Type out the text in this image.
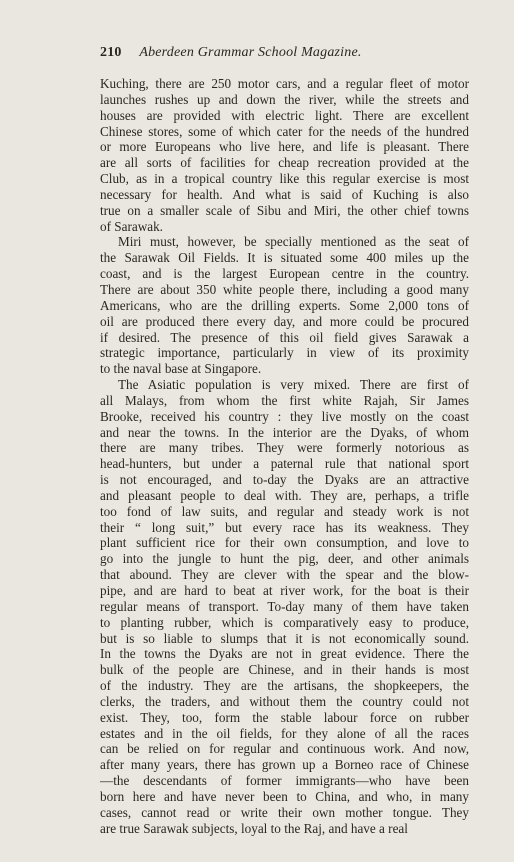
210 Aberdeen Grammar School Magazine.
Kuching, there are 250 motor cars, and a regular fleet of motor
launches rushes up and down the river, while the streets and
houses are provided with electric light. There are excellent
Chinese stores, some of which cater for the needs of the hundred
or more Europeans who live here, and life is pleasant. There
are all sorts of facilities for cheap recreation provided at the
Club, as in a tropical country like this regular exercise is most
necessary for health. And what is said of Kuching is also
true on a smaller scale of Sibu and Miri, the other chief towns
of Sarawak.
Miri must, however, be specially mentioned as the seat of
the Sarawak Oil Fields. It is situated some 400 miles up the
coast, and is the largest European centre in the country.
There are about 350 white people there, including a good many
Americans, who are the drilling experts. Some 2,000 tons of
oil are produced there every day, and more could be procured
if desired. The presence of this oil field gives Sarawak a
strategic importance, particularly in view of its proximity
to the naval base at Singapore.
The Asiatic population is very mixed. There are first of
all Malays, from whom the first white Rajah, Sir James
Brooke, received his country : they live mostly on the coast
and near the towns. In the interior are the Dyaks, of whom
there are many tribes. They were formerly notorious as
head-hunters, but under a paternal rule that national sport
is not encouraged, and to-day the Dyaks are an attractive
and pleasant people to deal with. They are, perhaps, a trifle
too fond of law suits, and regular and steady work is not
their “ long suit,” but every race has its weakness. They
plant sufficient rice for their own consumption, and love to
go into the jungle to hunt the pig, deer, and other animals
that abound. They are clever with the spear and the blow-
pipe, and are hard to beat at river work, for the boat is their
regular means of transport. To-day many of them have taken
to planting rubber, which is comparatively easy to produce,
but is so liable to slumps that it is not economically sound.
In the towns the Dyaks are not in great evidence. There the
bulk of the people are Chinese, and in their hands is most
of the industry. They are the artisans, the shopkeepers, the
clerks, the traders, and without them the country could not
exist. They, too, form the stable labour force on rubber
estates and in the oil fields, for they alone of all the races
can be relied on for regular and continuous work. And now,
after many years, there has grown up a Borneo race of Chinese
—the descendants of former immigrants—who have been
born here and have never been to China, and who, in many
cases, cannot read or write their own mother tongue. They
are true Sarawak subjects, loyal to the Raj, and have a real
